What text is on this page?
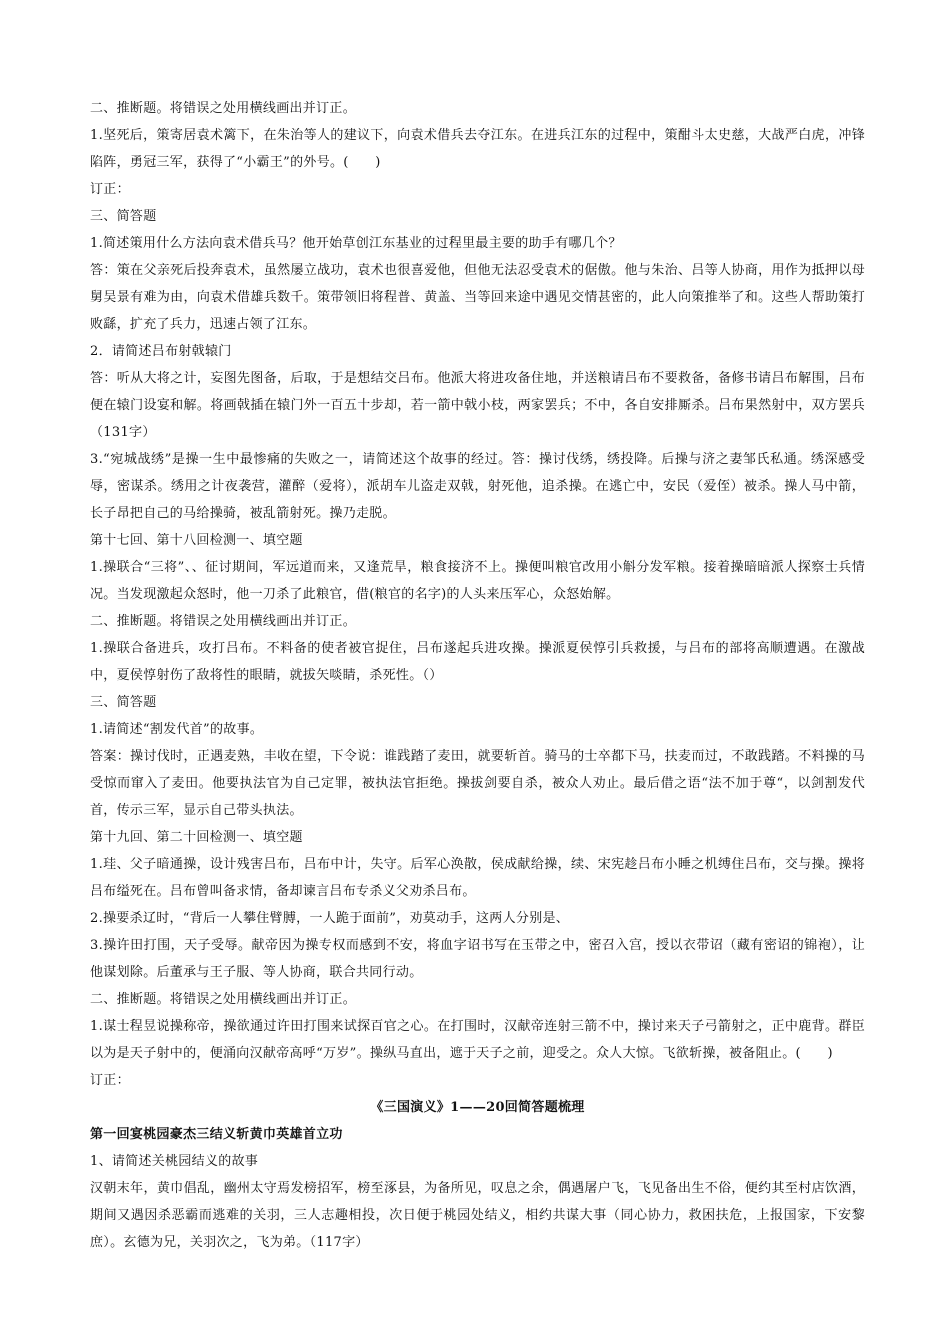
二、推断题。将错误之处用横线画出并订正。

1.坚死后，策寄居袁术篱下，在朱治等人的建议下，向袁术借兵去夺江东。在进兵江东的过程中，策酣斗太史慈，大战严白虎，冲锋陷阵，勇冠三军，获得了“小霸王”的外号。(　　)

订正：

三、简答题

1.简述策用什么方法向袁术借兵马？他开始草创江东基业的过程里最主要的助手有哪几个？

答：策在父亲死后投奔袁术，虽然屡立战功，袁术也很喜爱他，但他无法忍受袁术的倨傲。他与朱治、吕等人协商，用作为抵押以母舅吴景有难为由，向袁术借雄兵数千。策带领旧将程普、黄盖、当等回来途中遇见交情甚密的，此人向策推举了和。这些人帮助策打败繇，扩充了兵力，迅速占领了江东。

2．请简述吕布射戟辕门

答：听从大将之计，妄图先图备，后取，于是想结交吕布。他派大将进攻备住地，并送粮请吕布不要救备，备修书请吕布解围，吕布便在辕门设宴和解。将画戟插在辕门外一百五十步却，若一箭中戟小枝，两家罢兵；不中，各自安排厮杀。吕布果然射中，双方罢兵（131字）

3.“宛城战绣”是操一生中最惨痛的失败之一，请简述这个故事的经过。答：操讨伐绣，绣投降。后操与济之妻邹氏私通。绣深感受辱，密谋杀。绣用之计夜袭营，灌醉（爱将），派胡车儿盗走双戟，射死他，追杀操。在逃亡中，安民（爱侄）被杀。操人马中箭，长子昂把自己的马给操骑，被乱箭射死。操乃走脱。

第十七回、第十八回检测一、填空题

1.操联合“三将”、、征讨期间，军远道而来，又逢荒旱，粮食接济不上。操便叫粮官改用小斛分发军粮。接着操暗暗派人探察士兵情况。当发现激起众怒时，他一刀杀了此粮官，借(粮官的名字)的人头来压军心，众怒始解。

二、推断题。将错误之处用横线画出并订正。

1.操联合备进兵，攻打吕布。不料备的使者被官捉住，吕布遂起兵进攻操。操派夏侯惇引兵救援，与吕布的部将高顺遭遇。在激战中，夏侯惇射伤了敌将性的眼睛，就拔矢啖睛，杀死性。（）

三、简答题

1.请简述“割发代首”的故事。

答案：操讨伐时，正遇麦熟，丰收在望，下令说：谁践踏了麦田，就要斩首。骑马的士卒都下马，扶麦而过，不敢践踏。不料操的马受惊而窜入了麦田。他要执法官为自己定罪，被执法官拒绝。操拔剑要自杀，被众人劝止。最后借之语“法不加于尊“，以剑割发代首，传示三军，显示自己带头执法。

第十九回、第二十回检测一、填空题

1.珪、父子暗通操，设计残害吕布，吕布中计，失守。后军心涣散，侯成献给操，续、宋宪趁吕布小睡之机缚住吕布，交与操。操将吕布缢死在。吕布曾叫备求情，备却谏言吕布专杀义父劝杀吕布。

2.操要杀辽时，“背后一人攀住臂膊，一人跪于面前”，劝莫动手，这两人分别是、

3.操许田打围，天子受辱。献帝因为操专权而感到不安，将血字诏书写在玉带之中，密召入宫，授以衣带诏（藏有密诏的锦袍），让他谋划除。后董承与王子服、等人协商，联合共同行动。

二、推断题。将错误之处用横线画出并订正。

1.谋士程昱说操称帝，操欲通过许田打围来试探百官之心。在打围时，汉献帝连射三箭不中，操讨来天子弓箭射之，正中鹿背。群臣以为是天子射中的，便涌向汉献帝高呼“万岁”。操纵马直出，遮于天子之前，迎受之。众人大惊。飞欲斩操，被备阻止。(　　)

订正：

《三国演义》1——20回简答题梳理

第一回宴桃园豪杰三结义斩黄巾英雄首立功

1、请简述关桃园结义的故事

汉朝末年，黄巾倡乱，幽州太守焉发榜招军，榜至涿县，为备所见，叹息之余，偶遇屠户飞，飞见备出生不俗，便约其至村店饮酒，期间又遇因杀恶霸而逃难的关羽，三人志趣相投，次日便于桃园处结义，相约共谋大事（同心协力，救困扶危，上报国家，下安黎庶）。玄德为兄，关羽次之，飞为弟。（117字）
